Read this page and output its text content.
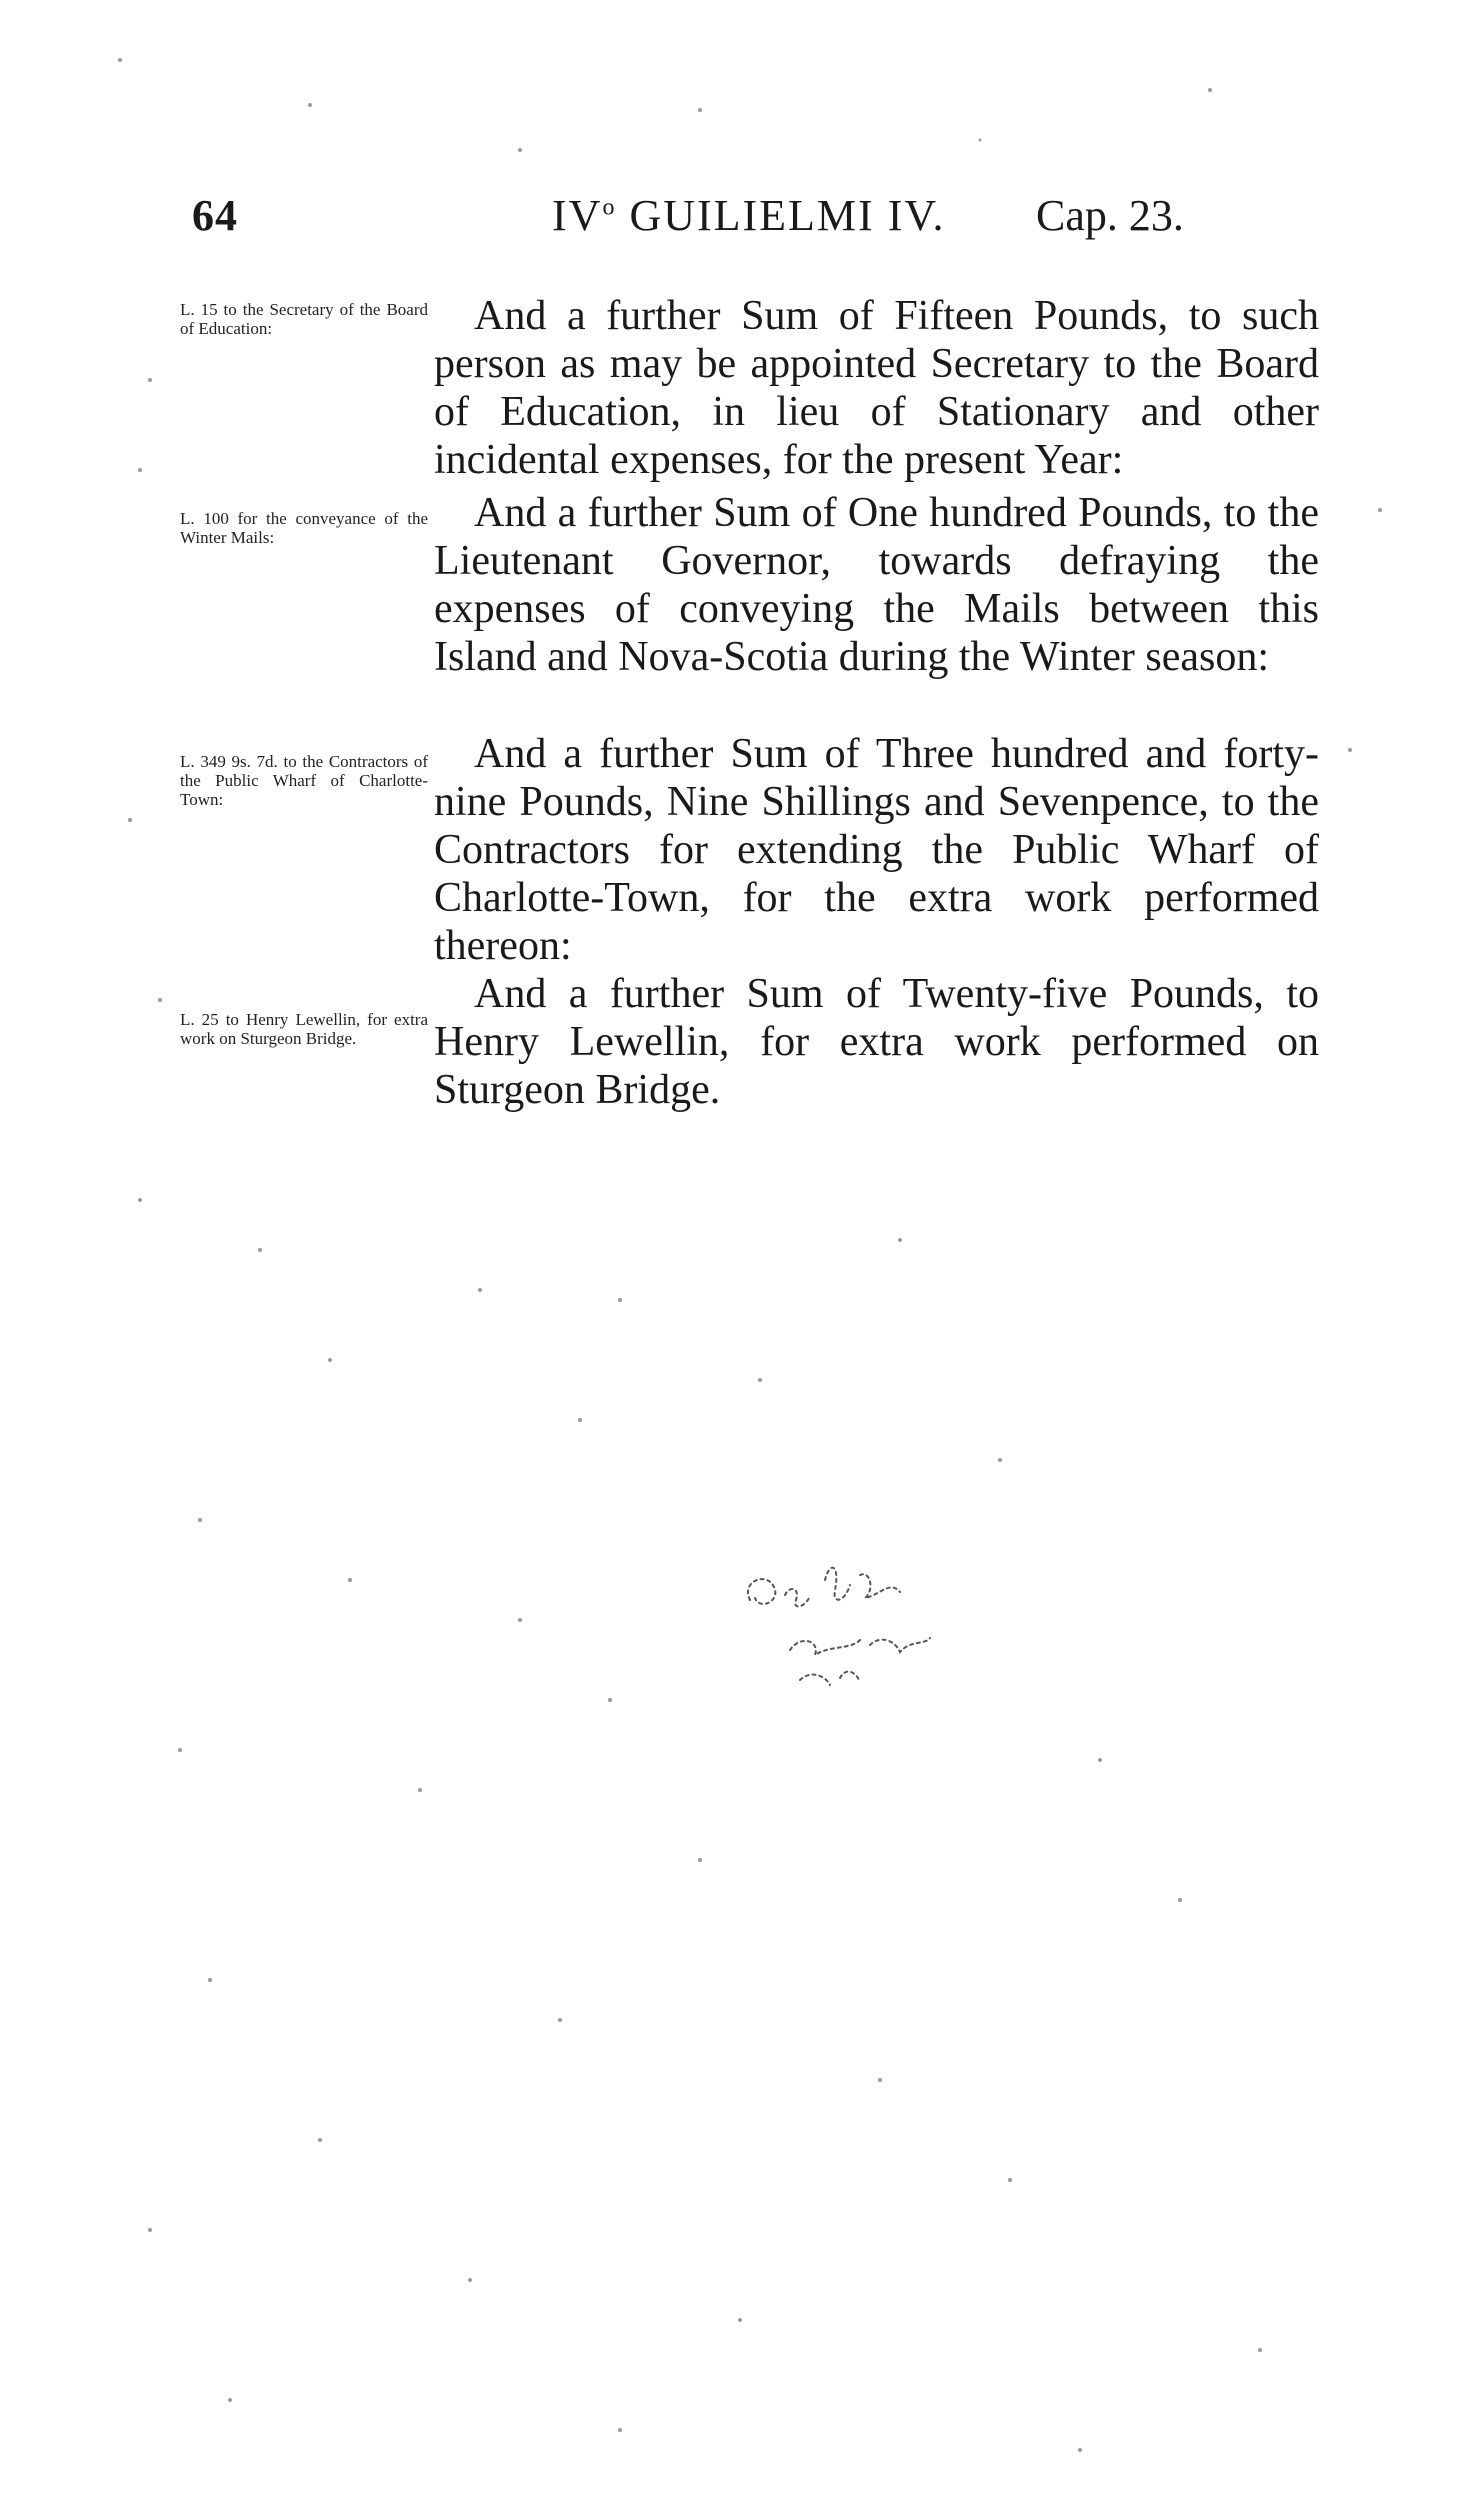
64	$IV^o$ GUILIELMI IV. Cap. 23.
L. 15 to the Secretary of the Board of Education:	And a further Sum of Fifteen Pounds, to such person as may be appointed Secretary to the Board of Education, in lieu of Stationary and other incidental expenses, for the present Year:
L. 100 for the conveyance of the Winter Mails:
And a further Sum of One hundred Pounds, to the Lieutenant Governor, towards defraying the expenses of conveying the Mails between this Island and Nova-Scotia during the Winter season:
L. 349 9s. 7d. to the Contractors of the Public Wharf of Charlotte-Town:
And a further Sum of Three hundred and forty-nine Pounds, Nine Shillings and Sevenpence, to the Contractors for extending the Public Wharf of Charlotte-Town, for the extra work performed thereon:
L. 25 to Henry Lewellin, for extra work on Sturgeon Bridge.
And a further Sum of Twenty-five Pounds, to Henry Lewellin, for extra work performed on Sturgeon Bridge.
